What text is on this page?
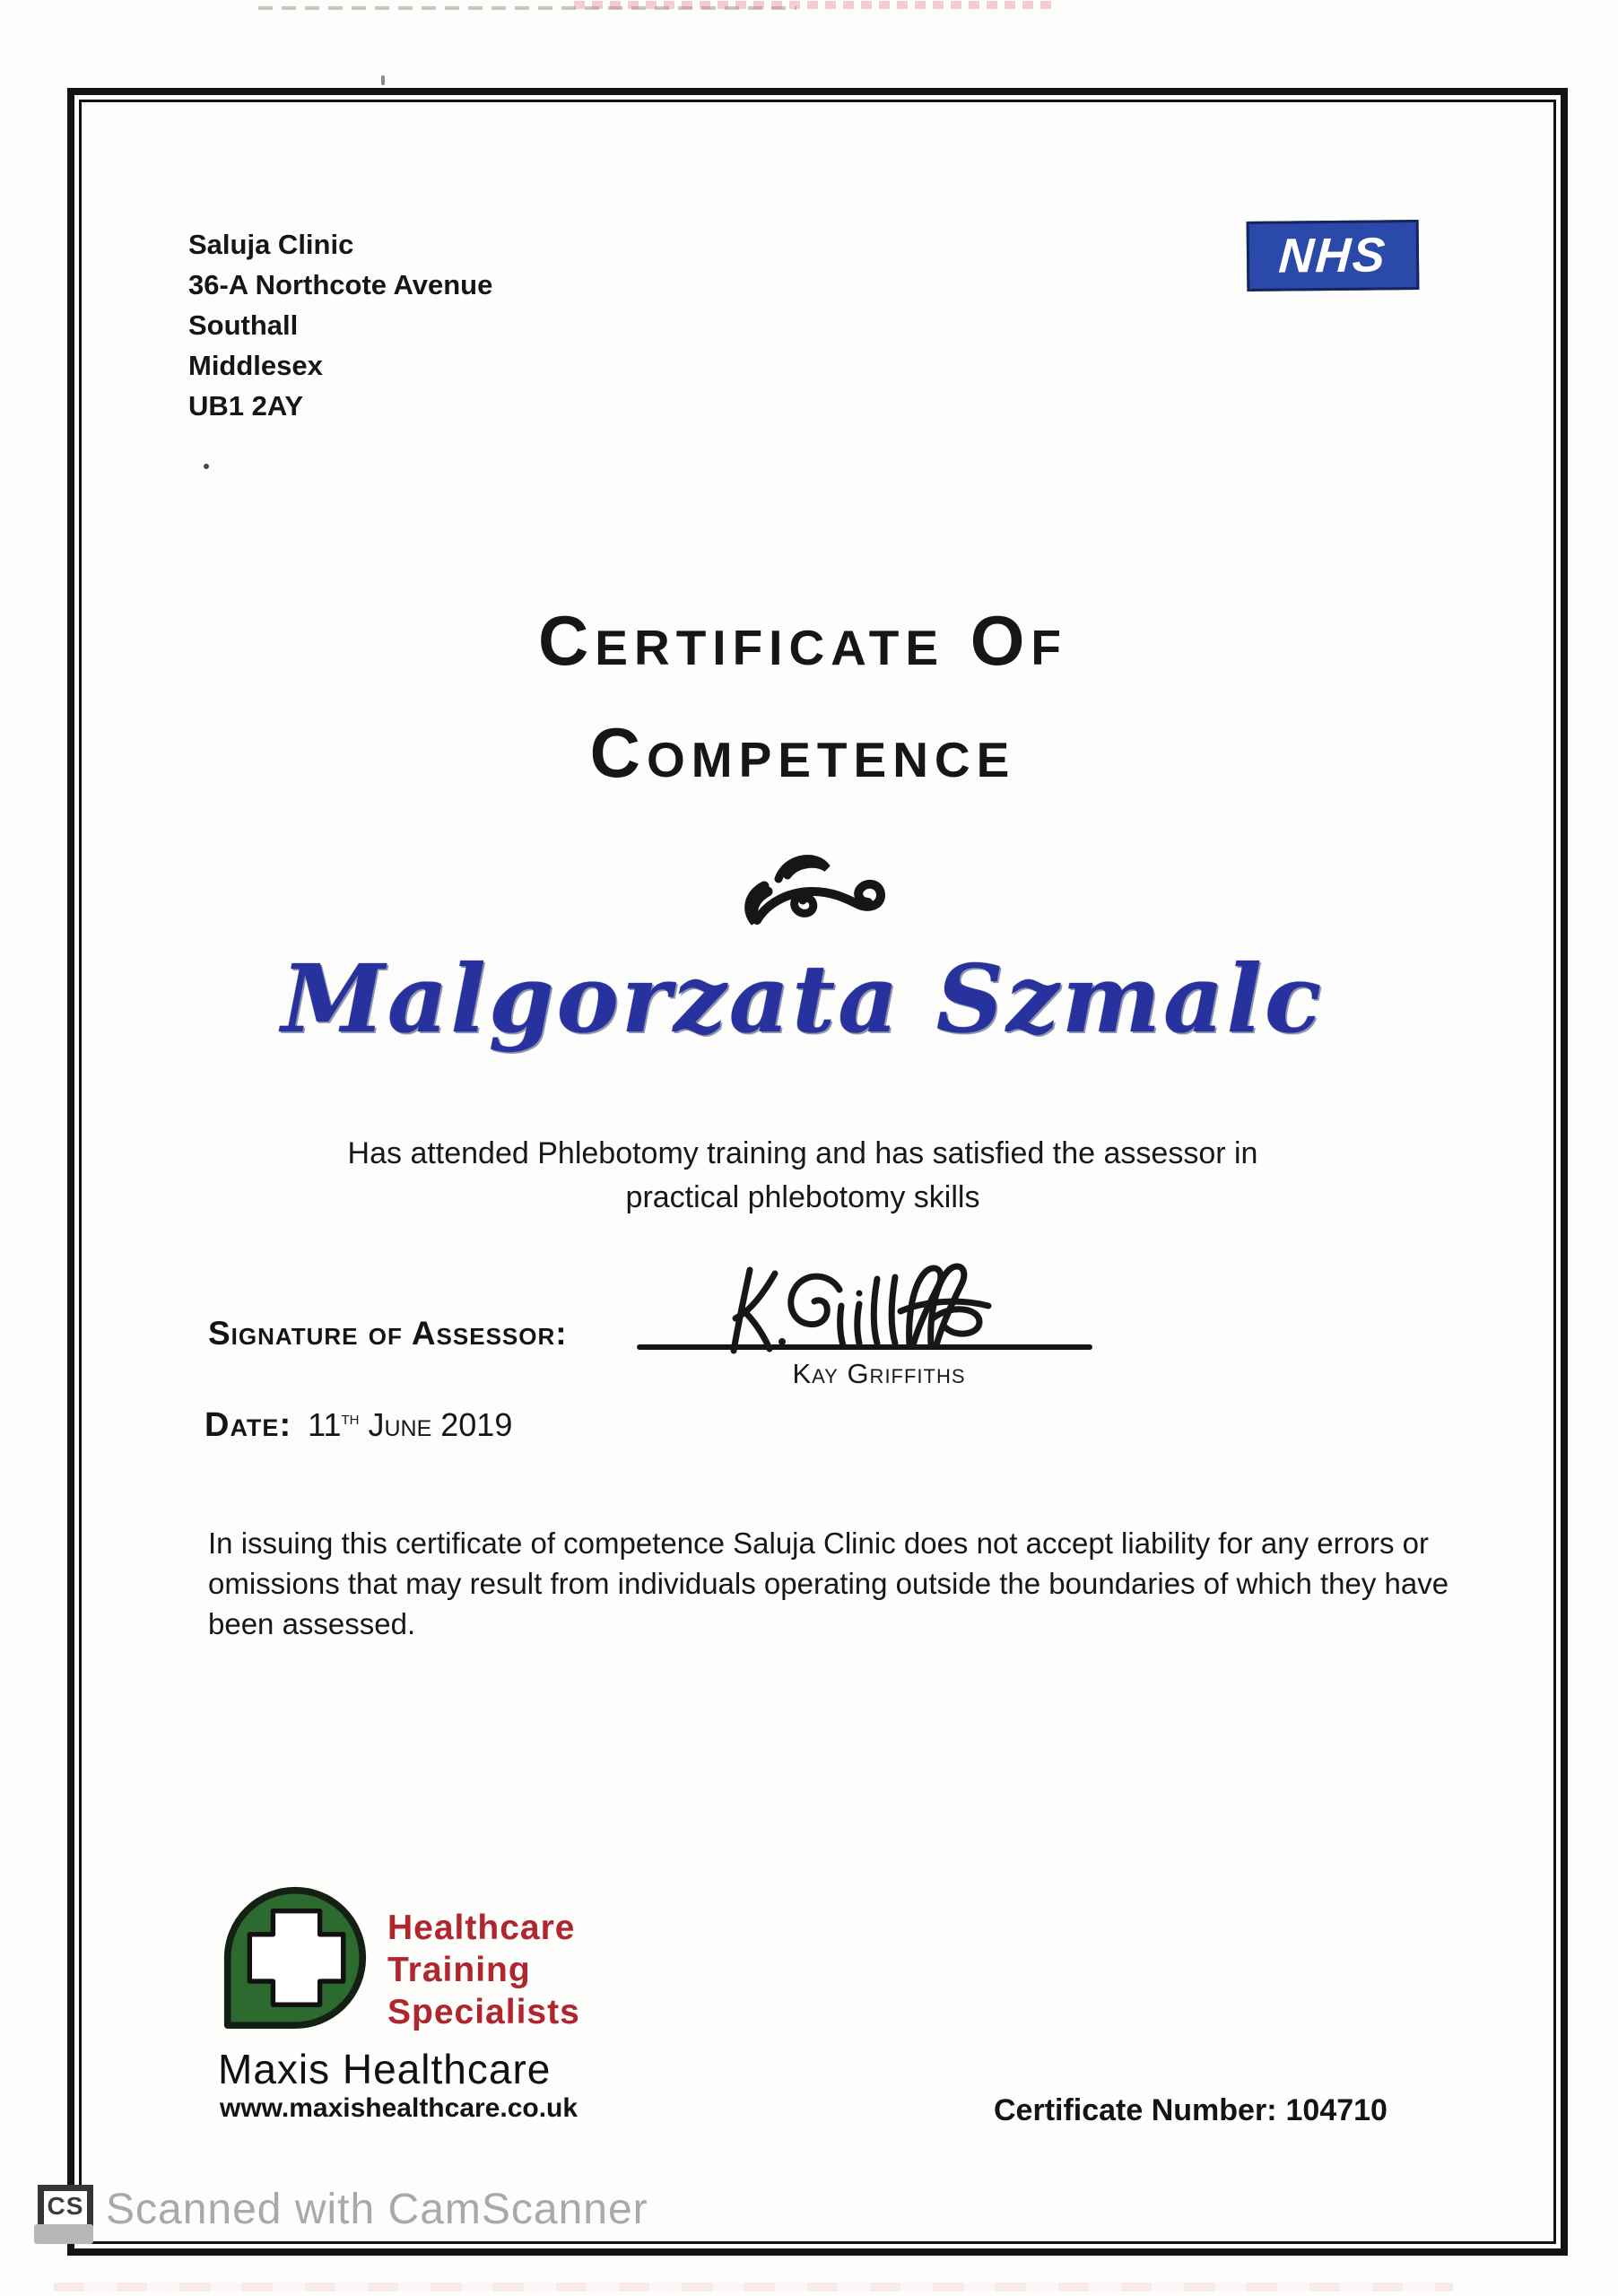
Saluja Clinic
36-A Northcote Avenue
Southall
Middlesex
UB1 2AY
NHS
Certificate Of
Competence
Malgorzata Szmalc
Has attended Phlebotomy training and has satisfied the assessor in
practical phlebotomy skills
Signature of Assessor:
Kay Griffiths
Date: 11th June 2019
In issuing this certificate of competence Saluja Clinic does not accept liability for any errors or omissions that may result from individuals operating outside the boundaries of which they have been assessed.
Healthcare
Training
Specialists
Maxis Healthcare
www.maxishealthcare.co.uk	Certificate Number: 104710
CS Scanned with CamScanner
